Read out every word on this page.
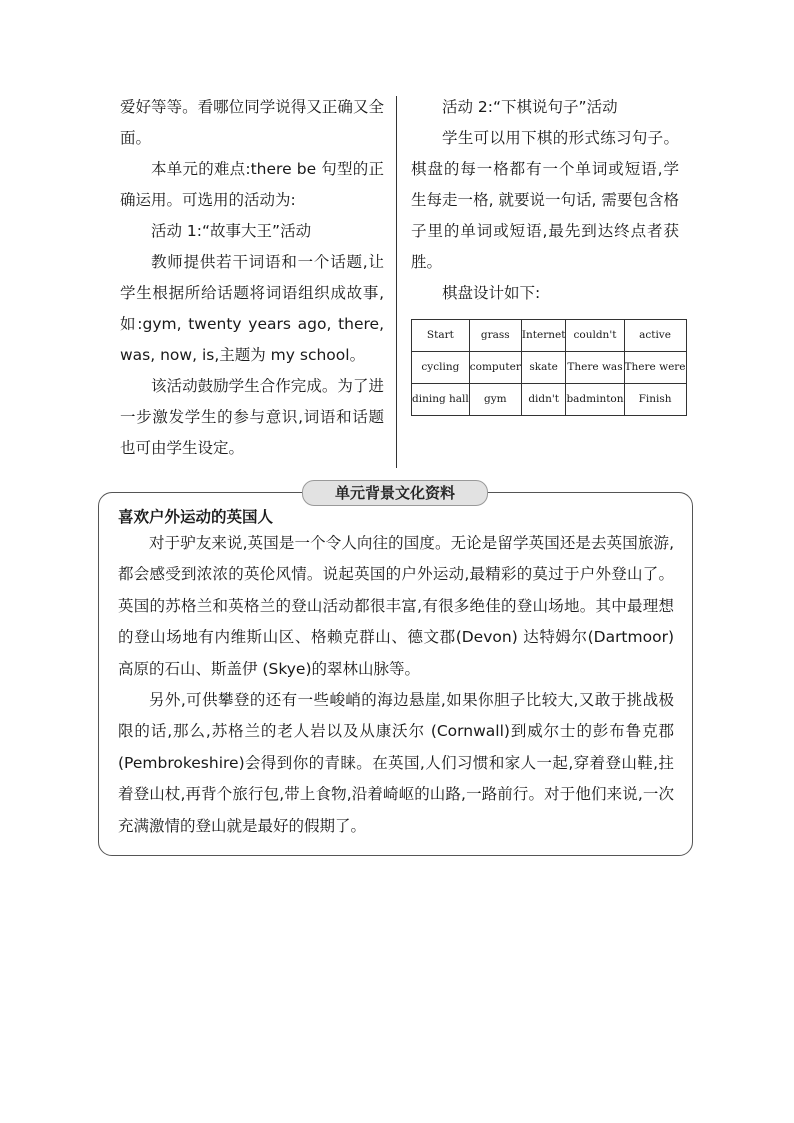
爱好等等。看哪位同学说得又正确又全面。

本单元的难点:there be 句型的正确运用。可选用的活动为:

活动 1:“故事大王”活动

教师提供若干词语和一个话题,让学生根据所给话题将词语组织成故事,如:gym, twenty years ago, there, was, now, is,主题为 my school。

该活动鼓励学生合作完成。为了进一步激发学生的参与意识,词语和话题也可由学生设定。

活动 2:“下棋说句子”活动

学生可以用下棋的形式练习句子。棋盘的每一格都有一个单词或短语,学生每走一格, 就要说一句话, 需要包含格子里的单词或短语,最先到达终点者获胜。

棋盘设计如下:

Start	grass	Internet	couldn't	active
cycling	computer	skate	There was	There were
dining hall	gym	didn't	badminton	Finish
单元背景文化资料

喜欢户外运动的英国人

对于驴友来说,英国是一个令人向往的国度。无论是留学英国还是去英国旅游,都会感受到浓浓的英伦风情。说起英国的户外运动,最精彩的莫过于户外登山了。英国的苏格兰和英格兰的登山活动都很丰富,有很多绝佳的登山场地。其中最理想的登山场地有内维斯山区、格赖克群山、德文郡(Devon) 达特姆尔(Dartmoor) 高原的石山、斯盖伊 (Skye)的翠林山脉等。

另外,可供攀登的还有一些峻峭的海边悬崖,如果你胆子比较大,又敢于挑战极限的话,那么,苏格兰的老人岩以及从康沃尔 (Cornwall)到威尔士的彭布鲁克郡(Pembrokeshire)会得到你的青睐。在英国,人们习惯和家人一起,穿着登山鞋,拄着登山杖,再背个旅行包,带上食物,沿着崎岖的山路,一路前行。对于他们来说,一次充满激情的登山就是最好的假期了。
